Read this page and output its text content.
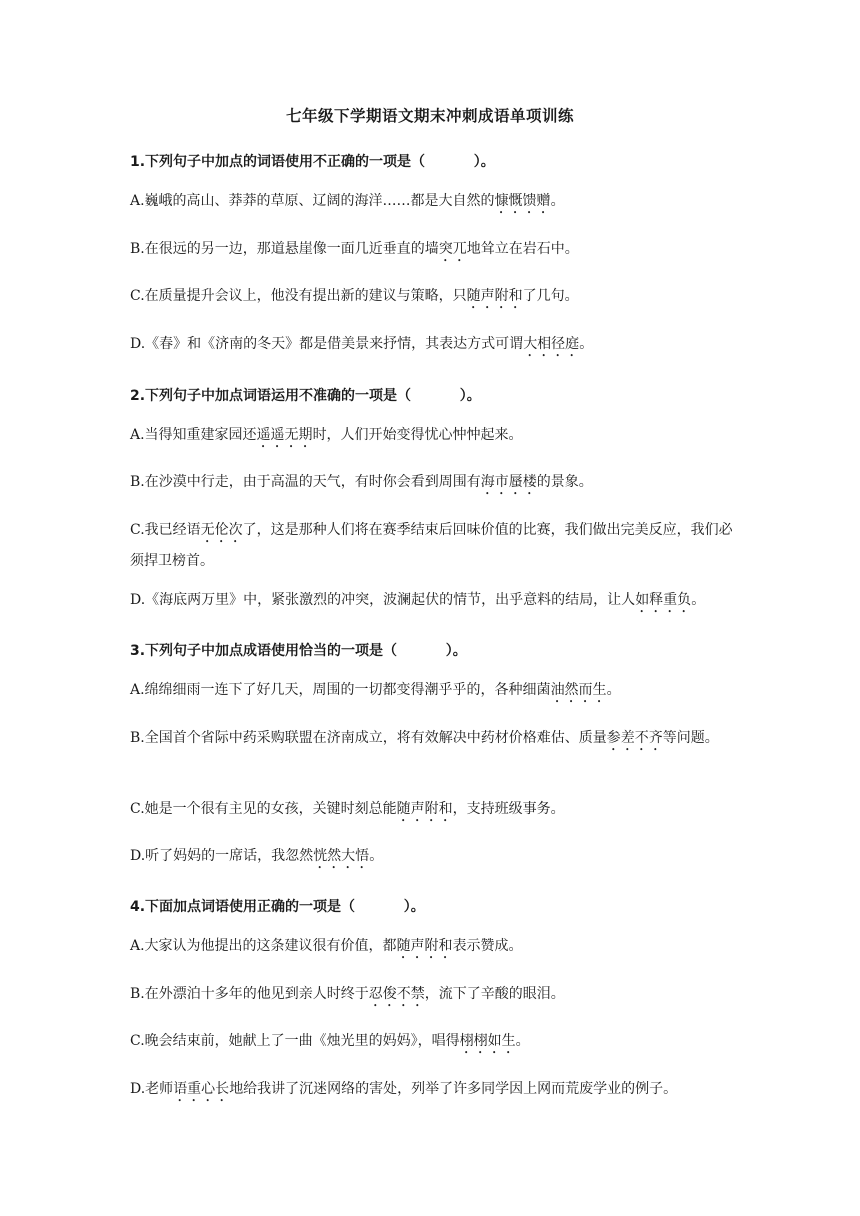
七年级下学期语文期末冲刺成语单项训练
1.下列句子中加点的词语使用不正确的一项是（          ）。
A.巍峨的高山、莽莽的草原、辽阔的海洋……都是大自然的慷慨馈赠。
B.在很远的另一边，那道悬崖像一面几近垂直的墙突兀地耸立在岩石中。
C.在质量提升会议上，他没有提出新的建议与策略，只随声附和了几句。
D.《春》和《济南的冬天》都是借美景来抒情，其表达方式可谓大相径庭。
2.下列句子中加点词语运用不准确的一项是（          ）。
A.当得知重建家园还遥遥无期时，人们开始变得忧心忡忡起来。
B.在沙漠中行走，由于高温的天气，有时你会看到周围有海市蜃楼的景象。
C.我已经语无伦次了，这是那种人们将在赛季结束后回味价值的比赛，我们做出完美反应，我们必须捍卫榜首。
D.《海底两万里》中，紧张激烈的冲突，波澜起伏的情节，出乎意料的结局，让人如释重负。
3.下列句子中加点成语使用恰当的一项是（          ）。
A.绵绵细雨一连下了好几天，周围的一切都变得潮乎乎的，各种细菌油然而生。
B.全国首个省际中药采购联盟在济南成立，将有效解决中药材价格难估、质量参差不齐等问题。
C.她是一个很有主见的女孩，关键时刻总能随声附和，支持班级事务。
D.听了妈妈的一席话，我忽然恍然大悟。
4.下面加点词语使用正确的一项是（          ）。
A.大家认为他提出的这条建议很有价值，都随声附和表示赞成。
B.在外漂泊十多年的他见到亲人时终于忍俊不禁，流下了辛酸的眼泪。
C.晚会结束前，她献上了一曲《烛光里的妈妈》，唱得栩栩如生。
D.老师语重心长地给我讲了沉迷网络的害处，列举了许多同学因上网而荒废学业的例子。
